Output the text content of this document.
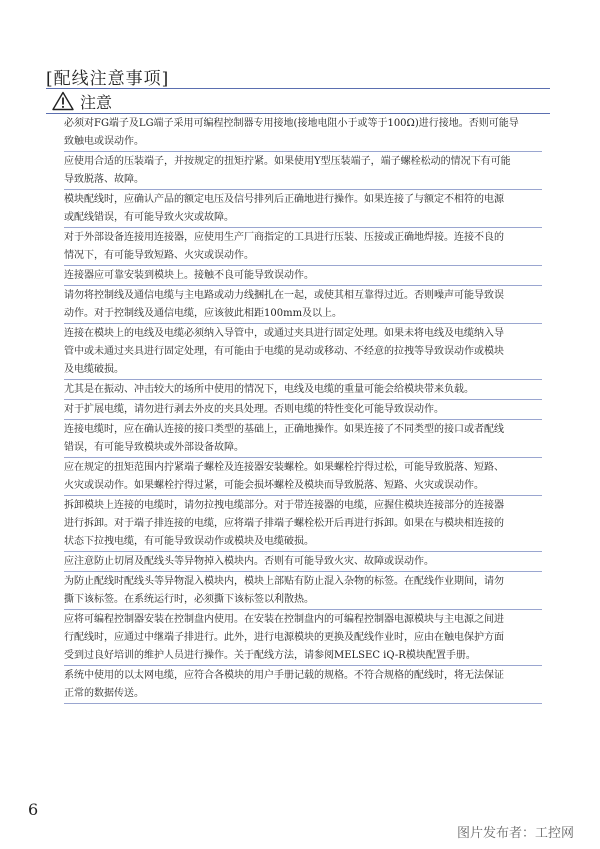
[配线注意事项]
注意
必须对FG端子及LG端子采用可编程控制器专用接地(接地电阻小于或等于100Ω)进行接地。否则可能导
致触电或误动作。
应使用合适的压装端子，并按规定的扭矩拧紧。如果使用Y型压装端子，端子螺栓松动的情况下有可能
导致脱落、故障。
模块配线时，应确认产品的额定电压及信号排列后正确地进行操作。如果连接了与额定不相符的电源
或配线错误，有可能导致火灾或故障。
对于外部设备连接用连接器，应使用生产厂商指定的工具进行压装、压接或正确地焊接。连接不良的
情况下，有可能导致短路、火灾或误动作。
连接器应可靠安装到模块上。接触不良可能导致误动作。
请勿将控制线及通信电缆与主电路或动力线捆扎在一起，或使其相互靠得过近。否则噪声可能导致误
动作。对于控制线及通信电缆，应该彼此相距100mm及以上。
连接在模块上的电线及电缆必须纳入导管中，或通过夹具进行固定处理。如果未将电线及电缆纳入导
管中或未通过夹具进行固定处理，有可能由于电缆的晃动或移动、不经意的拉拽等导致误动作或模块
及电缆破损。
尤其是在振动、冲击较大的场所中使用的情况下，电线及电缆的重量可能会给模块带来负载。
对于扩展电缆，请勿进行剥去外皮的夹具处理。否则电缆的特性变化可能导致误动作。
连接电缆时，应在确认连接的接口类型的基础上，正确地操作。如果连接了不同类型的接口或者配线
错误，有可能导致模块或外部设备故障。
应在规定的扭矩范围内拧紧端子螺栓及连接器安装螺栓。如果螺栓拧得过松，可能导致脱落、短路、
火灾或误动作。如果螺栓拧得过紧，可能会损坏螺栓及模块而导致脱落、短路、火灾或误动作。
拆卸模块上连接的电缆时，请勿拉拽电缆部分。对于带连接器的电缆，应握住模块连接部分的连接器
进行拆卸。对于端子排连接的电缆，应将端子排端子螺栓松开后再进行拆卸。如果在与模块相连接的
状态下拉拽电缆，有可能导致误动作或模块及电缆破损。
应注意防止切屑及配线头等异物掉入模块内。否则有可能导致火灾、故障或误动作。
为防止配线时配线头等异物混入模块内，模块上部贴有防止混入杂物的标签。在配线作业期间，请勿
撕下该标签。在系统运行时，必须撕下该标签以利散热。
应将可编程控制器安装在控制盘内使用。在安装在控制盘内的可编程控制器电源模块与主电源之间进
行配线时，应通过中继端子排进行。此外，进行电源模块的更换及配线作业时，应由在触电保护方面
受到过良好培训的维护人员进行操作。关于配线方法，请参阅MELSEC iQ-R模块配置手册。
系统中使用的以太网电缆，应符合各模块的用户手册记载的规格。不符合规格的配线时，将无法保证
正常的数据传送。
6
图片发布者：工控网
